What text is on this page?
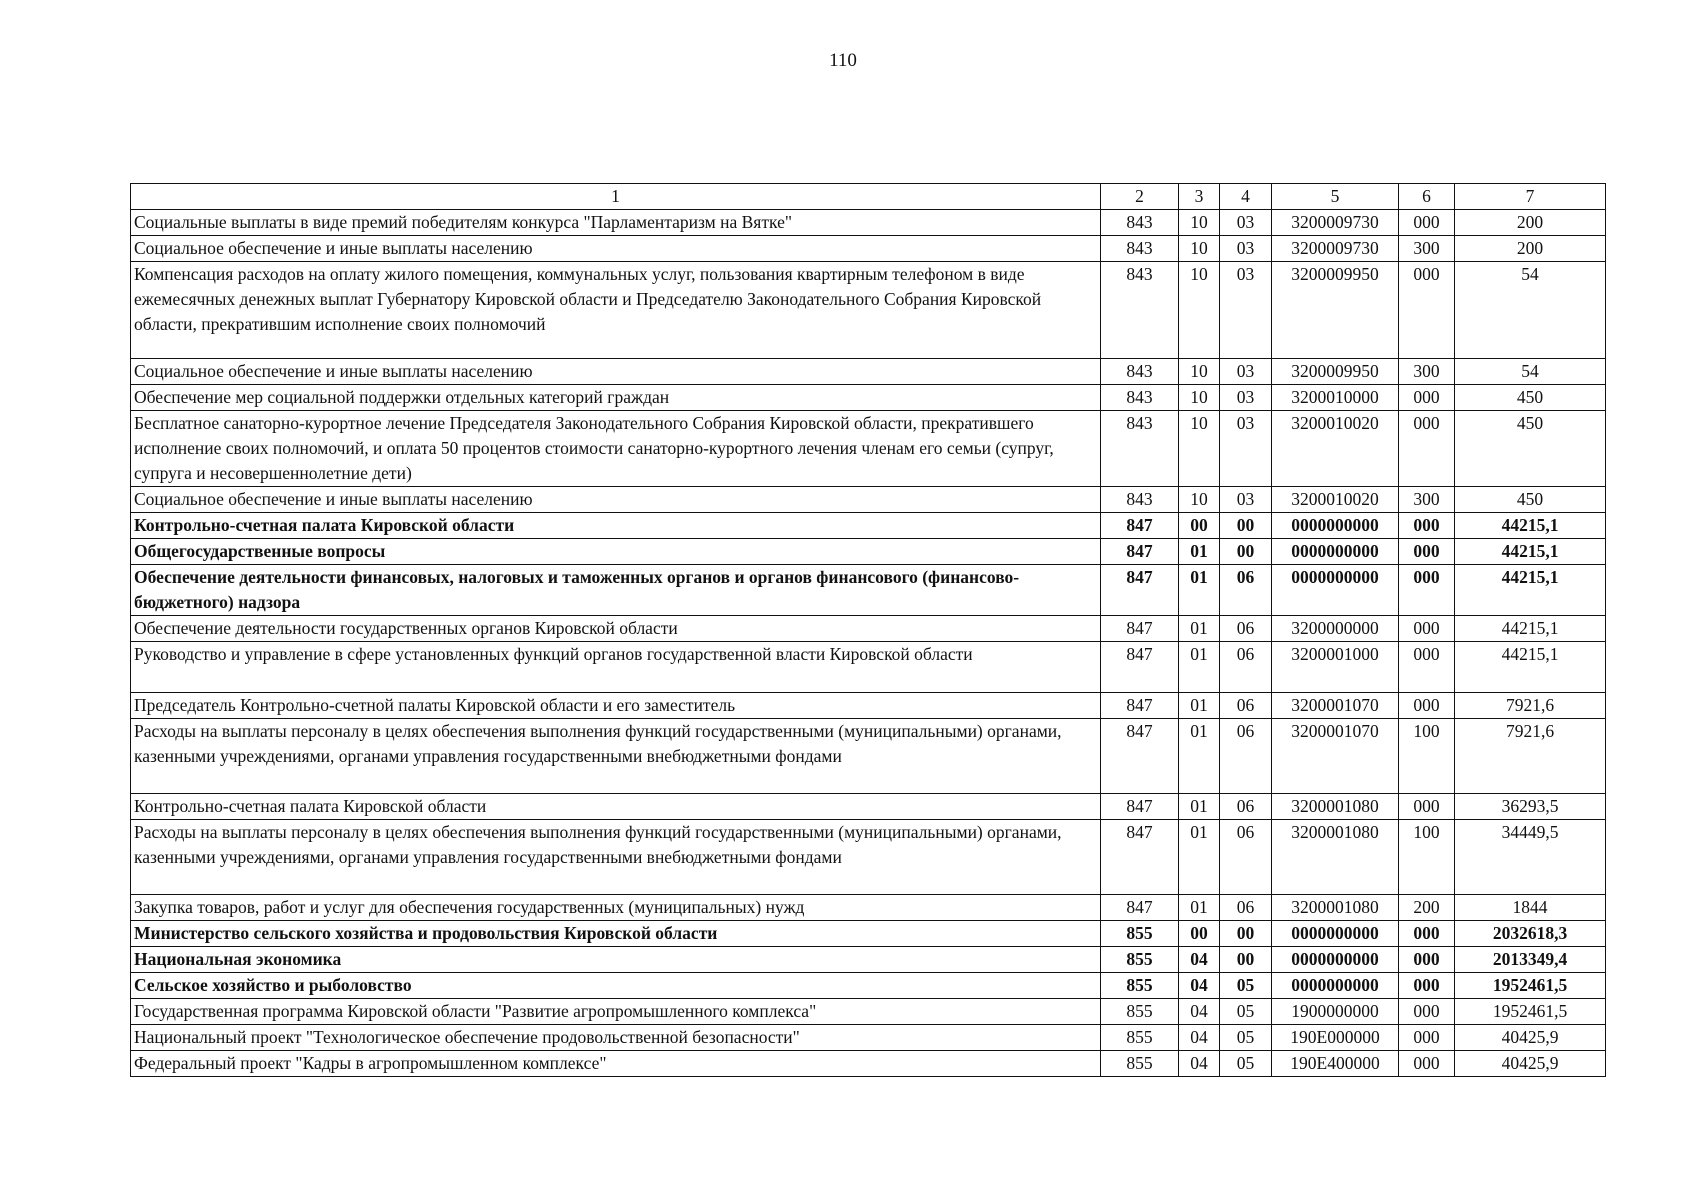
110
1	2	3	4	5	6	7
Социальные выплаты в виде премий победителям конкурса "Парламентаризм на Вятке"	843	10	03	3200009730	000	200
Социальное обеспечение и иные выплаты населению	843	10	03	3200009730	300	200
Компенсация расходов на оплату жилого помещения, коммунальных услуг, пользования квартирным телефоном в виде ежемесячных денежных выплат Губернатору Кировской области и Председателю Законодательного Собрания Кировской области, прекратившим исполнение своих полномочий	843	10	03	3200009950	000	54
Социальное обеспечение и иные выплаты населению	843	10	03	3200009950	300	54
Обеспечение мер социальной поддержки отдельных категорий граждан	843	10	03	3200010000	000	450
Бесплатное санаторно-курортное лечение Председателя Законодательного Собрания Кировской области, прекратившего исполнение своих полномочий, и оплата 50 процентов стоимости санаторно-курортного лечения членам его семьи (супруг, супруга и несовершеннолетние дети)	843	10	03	3200010020	000	450
Социальное обеспечение и иные выплаты населению	843	10	03	3200010020	300	450
Контрольно-счетная палата Кировской области	847	00	00	0000000000	000	44215,1
Общегосударственные вопросы	847	01	00	0000000000	000	44215,1
Обеспечение деятельности финансовых, налоговых и таможенных органов и органов финансового (финансово-бюджетного) надзора	847	01	06	0000000000	000	44215,1
Обеспечение деятельности государственных органов Кировской области	847	01	06	3200000000	000	44215,1
Руководство и управление в сфере установленных функций органов государственной власти Кировской области	847	01	06	3200001000	000	44215,1
Председатель Контрольно-счетной палаты Кировской области и его заместитель	847	01	06	3200001070	000	7921,6
Расходы на выплаты персоналу в целях обеспечения выполнения функций государственными (муниципальными) органами, казенными учреждениями, органами управления государственными внебюджетными фондами	847	01	06	3200001070	100	7921,6
Контрольно-счетная палата Кировской области	847	01	06	3200001080	000	36293,5
Расходы на выплаты персоналу в целях обеспечения выполнения функций государственными (муниципальными) органами, казенными учреждениями, органами управления государственными внебюджетными фондами	847	01	06	3200001080	100	34449,5
Закупка товаров, работ и услуг для обеспечения государственных (муниципальных) нужд	847	01	06	3200001080	200	1844
Министерство сельского хозяйства и продовольствия Кировской области	855	00	00	0000000000	000	2032618,3
Национальная экономика	855	04	00	0000000000	000	2013349,4
Сельское хозяйство и рыболовство	855	04	05	0000000000	000	1952461,5
Государственная программа Кировской области "Развитие агропромышленного комплекса"	855	04	05	1900000000	000	1952461,5
Национальный проект "Технологическое обеспечение продовольственной безопасности"	855	04	05	190Е000000	000	40425,9
Федеральный проект "Кадры в агропромышленном комплексе"	855	04	05	190Е400000	000	40425,9
